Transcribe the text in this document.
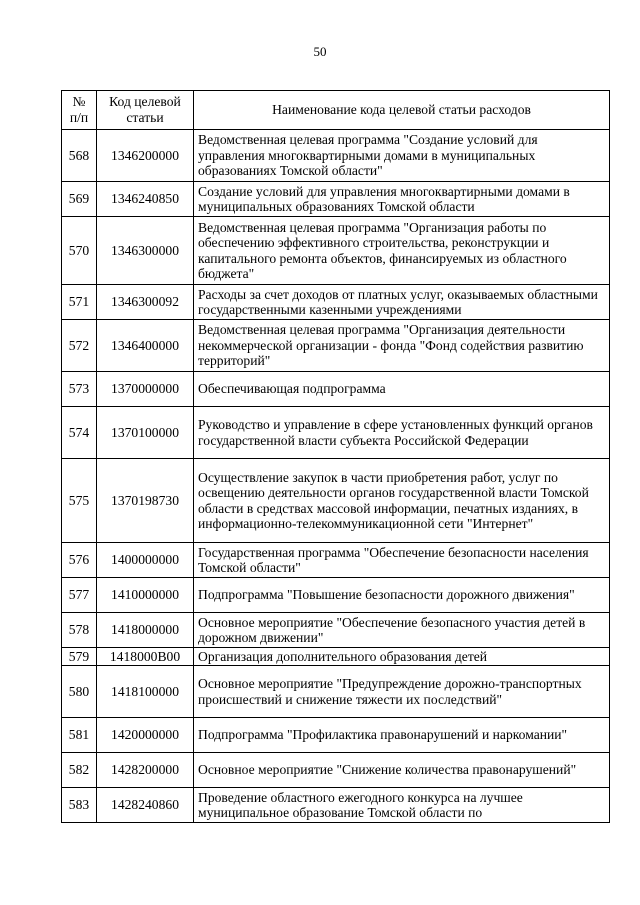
50
№ п/п	Код целевой статьи	Наименование кода целевой статьи расходов
568	1346200000	Ведомственная целевая программа "Создание условий для управления многоквартирными домами в муниципальных образованиях Томской области"
569	1346240850	Создание условий для управления многоквартирными домами в муниципальных образованиях Томской области
570	1346300000	Ведомственная целевая программа "Организация работы по обеспечению эффективного строительства, реконструкции и капитального ремонта объектов, финансируемых из областного бюджета"
571	1346300092	Расходы за счет доходов от платных услуг, оказываемых областными государственными казенными учреждениями
572	1346400000	Ведомственная целевая программа "Организация деятельности некоммерческой организации - фонда "Фонд содействия развитию территорий"
573	1370000000	Обеспечивающая подпрограмма
574	1370100000	Руководство и управление в сфере установленных функций органов государственной власти субъекта Российской Федерации
575	1370198730	Осуществление закупок в части приобретения работ, услуг по освещению деятельности органов государственной власти Томской области в средствах массовой информации, печатных изданиях, в информационно-телекоммуникационной сети "Интернет"
576	1400000000	Государственная программа "Обеспечение безопасности населения Томской области"
577	1410000000	Подпрограмма "Повышение безопасности дорожного движения"
578	1418000000	Основное мероприятие "Обеспечение безопасного участия детей в дорожном движении"
579	1418000B00	Организация дополнительного образования детей
580	1418100000	Основное мероприятие "Предупреждение дорожно-транспортных происшествий и снижение тяжести их последствий"
581	1420000000	Подпрограмма "Профилактика правонарушений и наркомании"
582	1428200000	Основное мероприятие "Снижение количества правонарушений"
583	1428240860	Проведение областного ежегодного конкурса на лучшее муниципальное образование Томской области по
